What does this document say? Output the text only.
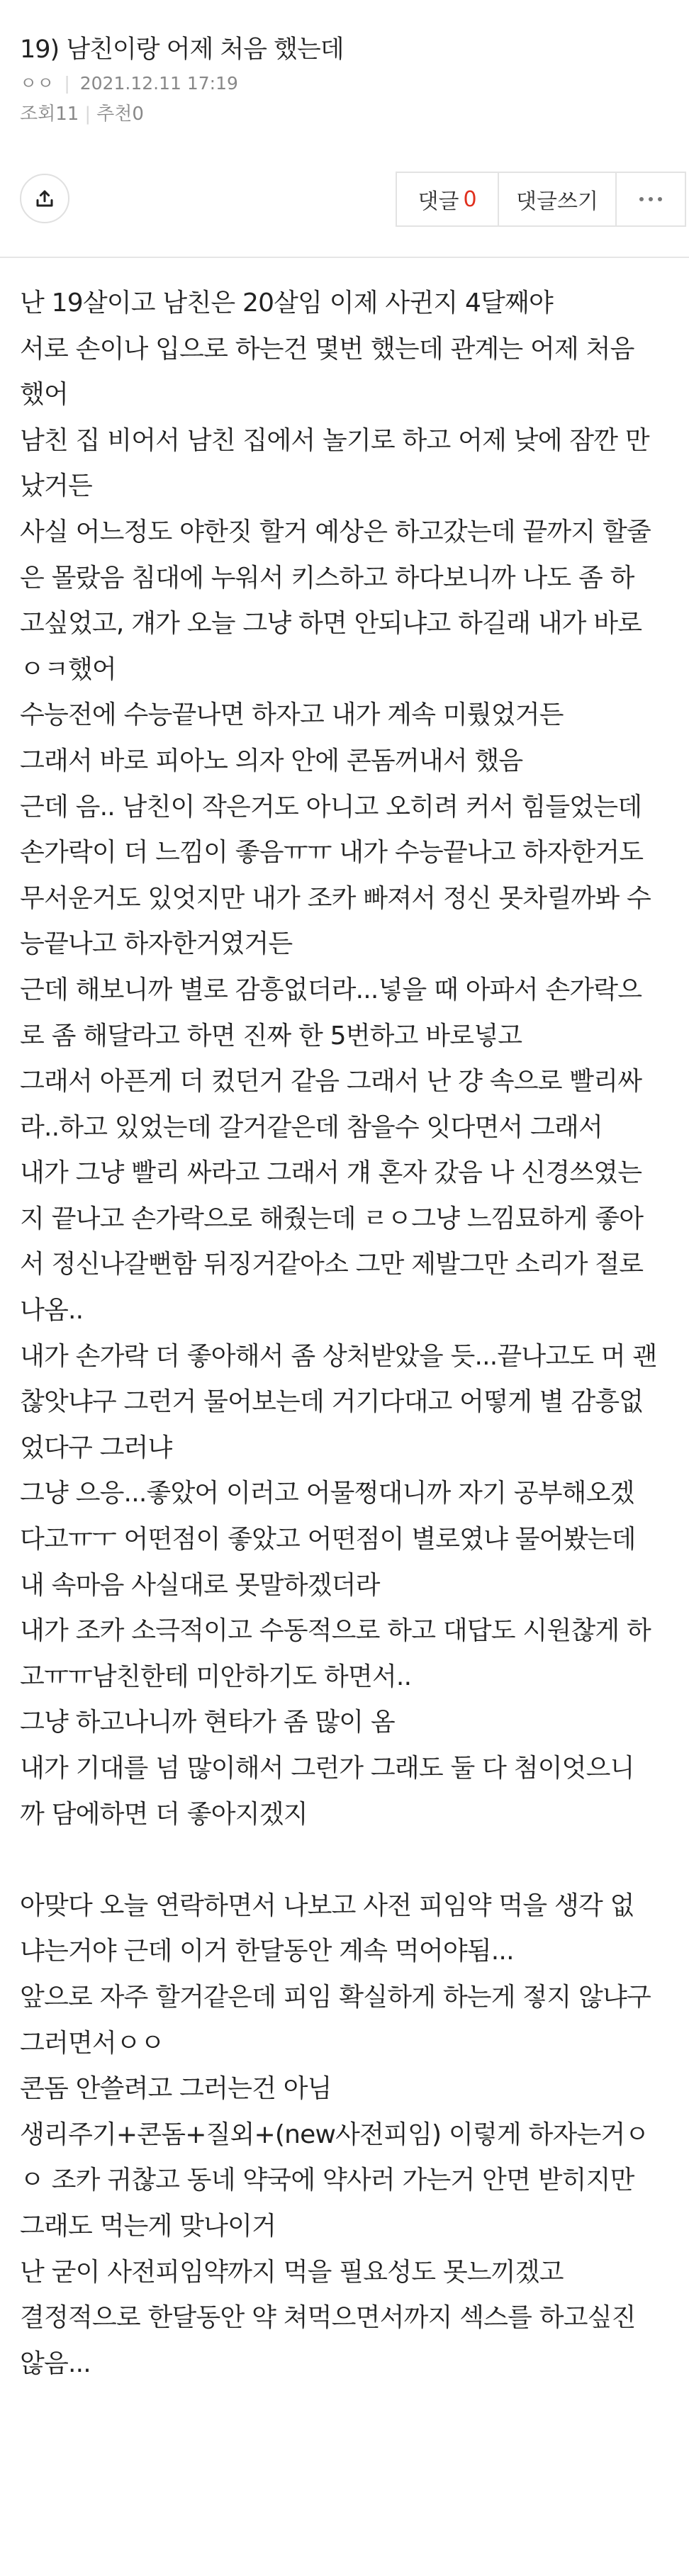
19) 남친이랑 어제 처음 했는데
ㅇㅇ | 2021.12.11 17:19
조회11 | 추천0
댓글 0 댓글쓰기
난 19살이고 남친은 20살임 이제 사귄지 4달째야
서로 손이나 입으로 하는건 몇번 했는데 관계는 어제 처음
했어
남친 집 비어서 남친 집에서 놀기로 하고 어제 낮에 잠깐 만
났거든
사실 어느정도 야한짓 할거 예상은 하고갔는데 끝까지 할줄
은 몰랐음 침대에 누워서 키스하고 하다보니까 나도 좀 하
고싶었고, 걔가 오늘 그냥 하면 안되냐고 하길래 내가 바로
ㅇㅋ했어
수능전에 수능끝나면 하자고 내가 계속 미뤘었거든
그래서 바로 피아노 의자 안에 콘돔꺼내서 했음
근데 음.. 남친이 작은거도 아니고 오히려 커서 힘들었는데
손가락이 더 느낌이 좋음ㅠㅠ 내가 수능끝나고 하자한거도
무서운거도 있엇지만 내가 조카 빠져서 정신 못차릴까봐 수
능끝나고 하자한거였거든
근데 해보니까 별로 감흥없더라...넣을 때 아파서 손가락으
로 좀 해달라고 하면 진짜 한 5번하고 바로넣고
그래서 아픈게 더 컸던거 같음 그래서 난 걍 속으로 빨리싸
라..하고 있었는데 갈거같은데 참을수 잇다면서 그래서
내가 그냥 빨리 싸라고 그래서 걔 혼자 갔음 나 신경쓰였는
지 끝나고 손가락으로 해줬는데 ㄹㅇ그냥 느낌묘하게 좋아
서 정신나갈뻔함 뒤징거같아소 그만 제발그만 소리가 절로
나옴..
내가 손가락 더 좋아해서 좀 상처받았을 듯...끝나고도 머 괜
찮앗냐구 그런거 물어보는데 거기다대고 어떻게 별 감흥없
었다구 그러냐
그냥 으응...좋았어 이러고 어물쩡대니까 자기 공부해오겠
다고ㅠㅜ 어떤점이 좋았고 어떤점이 별로였냐 물어봤는데
내 속마음 사실대로 못말하겠더라
내가 조카 소극적이고 수동적으로 하고 대답도 시원찮게 하
고ㅠㅠ남친한테 미안하기도 하면서..
그냥 하고나니까 현타가 좀 많이 옴
내가 기대를 넘 많이해서 그런가 그래도 둘 다 첨이엇으니
까 담에하면 더 좋아지겠지
아맞다 오늘 연락하면서 나보고 사전 피임약 먹을 생각 없
냐는거야 근데 이거 한달동안 계속 먹어야됨...
앞으로 자주 할거같은데 피임 확실하게 하는게 젛지 않냐구
그러면서ㅇㅇ
콘돔 안쓸려고 그러는건 아님
생리주기+콘돔+질외+(new사전피임) 이렇게 하자는거ㅇ
ㅇ 조카 귀찮고 동네 약국에 약사러 가는거 안면 받히지만
그래도 먹는게 맞나이거
난 굳이 사전피임약까지 먹을 필요성도 못느끼겠고
결정적으로 한달동안 약 쳐먹으면서까지 섹스를 하고싶진
않음...
